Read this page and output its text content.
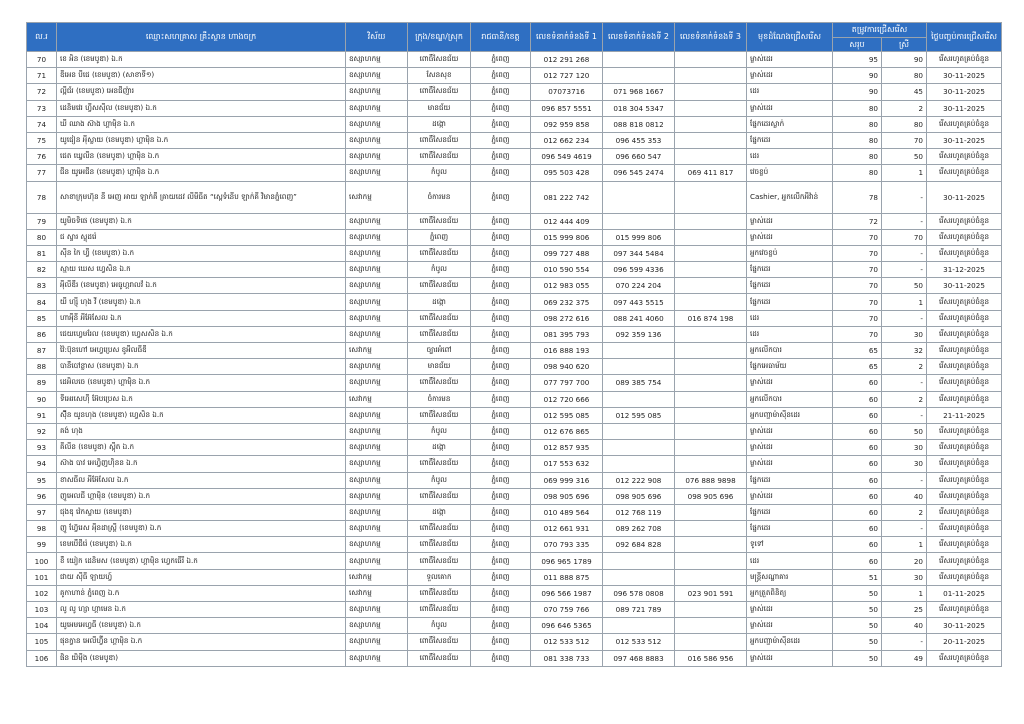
ល.រ	ឈ្មោះសហគ្រាស គ្រឹះស្ថាន ហាងចក្រ	វិស័យ	ក្រុង/ខណ្ឌ/ស្រុក	រាជធានី/ខេត្ត	លេខទំនាក់ទំនងទី 1	លេខទំនាក់ទំនងទី 2	លេខទំនាក់ទំនងទី 3	មុខដំណែងជ្រើសរើស	តម្រូវការជ្រើសរើស		ថ្ងៃបញ្ចប់ការជ្រើសរើស
									សរុប	ស្រី	
70	ខេ អិន (ខេមបូឌា) ឯ.ក	ឧស្សាហកម្ម	ពោធិ៍សែនជ័យ	ភ្នំពេញ	012 291 268			ម្ចាស់ដេរ	95	90	រើសរហូតគ្រប់ចំនួន
71	ឌីអេន បីជេ (ខេមបូឌា) (សាខាទី១)	ឧស្សាហកម្ម	សែនសុខ	ភ្នំពេញ	012 727 120			ម្ចាស់ដេរ	90	80	30-11-2025
72	ល្អីជ័រ (ខេមបូឌា) អេនជីញ៉ារ	ឧស្សាហកម្ម	ពោធិ៍សែនជ័យ	ភ្នំពេញ	07073716	071 968 1667		ដេរ	90	45	30-11-2025
73	ដេនិមវេរ ហ្វីសស៊ីល (ខេមបូឌា) ឯ.ក	ឧស្សាហកម្ម	មានជ័យ	ភ្នំពេញ	096 857 5551	018 304 5347		ម្ចាស់ដេរ	80	2	30-11-2025
74	ឃី ឈាង ស៊ាង ហ្គាម៉ិន ឯ.ក	ឧស្សាហកម្ម	ដង្កោ	ភ្នំពេញ	092 959 858	088 818 0812		ផ្នែកដេរស្លាក់	80	80	រើសរហូតគ្រប់ចំនួន
75	យូជៀន អុីស្លាយ (ខេមបូឌា) ហ្គាម៉ិន ឯ.ក	ឧស្សាហកម្ម	ពោធិ៍សែនជ័យ	ភ្នំពេញ	012 662 234	096 455 353		ផ្នែកដេរ	80	70	30-11-2025
76	ជេត ឃ្វេលីន (ខេមបូឌា) ហ្គាម៉ិន ឯ.ក	ឧស្សាហកម្ម	ពោធិ៍សែនជ័យ	ភ្នំពេញ	096 549 4619	096 660 547		ដេរ	80	50	រើសរហូតគ្រប់ចំនួន
77	ជីន យូអេជីន (ខេមបូឌា) ហ្គាម៉ិន ឯ.ក	ឧស្សាហកម្ម	កំបូល	ភ្នំពេញ	095 503 428	096 545 2474	069 411 817	វេចខ្ចប់	80	1	រើសរហូតគ្រប់ចំនួន
78	សាខាក្រុមហ៊ុន នី អេញ អាយ ឡាក់គី គ្រាយដេវ លីមីធីត “ស្ពេទំនើប ឡាក់គី វិមានភ្នំពេញ”	សេវាកម្ម	ចំការមន	ភ្នំពេញ	081 222 742			Cashier, អ្នកលើកអីវ៉ាន់	78	-	30-11-2025
79	យូមិចទិផេ (ខេមបូឌា) ឯ.ក	ឧស្សាហកម្ម	ពោធិ៍សែនជ័យ	ភ្នំពេញ	012 444 409			ម្ចាស់ដេរ	72	-	រើសរហូតគ្រប់ចំនួន
80	ជ ស្ទារ ស្ទុដរ៉េ	ឧស្សាហកម្ម	ភ្នំពេញ	ភ្នំពេញ	015 999 806	015 999 806		ម្ចាស់ដេរ	70	70	រើសរហូតគ្រប់ចំនួន
81	ស៊ីន កៃ ហ្វី (ខេមបូឌា) ឯ.ក	ឧស្សាហកម្ម	ពោធិ៍សែនជ័យ	ភ្នំពេញ	099 727 488	097 344 5484		អ្នកវេចខ្ចប់	70	-	រើសរហូតគ្រប់ចំនួន
82	ស្មាយ ឃេស ហ្វេសិន ឯ.ក	ឧស្សាហកម្ម	កំបូល	ភ្នំពេញ	010 590 554	096 599 4336		ផ្នែកដេរ	70	-	31-12-2025
83	អុីលីឌឺរ (ខេមបូឌា) អេធូហ្គរាលវ័ ឯ.ក	ឧស្សាហកម្ម	ពោធិ៍សែនជ័យ	ភ្នំពេញ	012 983 055	070 224 204		ផ្នែកដេរ	70	50	30-11-2025
84	យី ហ្សុី ហុង វី (ខេមបូឌា) ឯ.ក	ឧស្សាហកម្ម	ដង្កោ	ភ្នំពេញ	069 232 375	097 443 5515		ផ្នែកដេរ	70	1	រើសរហូតគ្រប់ចំនួន
85	ហាអុីនី អីអ៊ែសែល ឯ.ក	ឧស្សាហកម្ម	ពោធិ៍សែនជ័យ	ភ្នំពេញ	098 272 616	088 241 4060	016 874 198	ដេរ	70	-	រើសរហូតគ្រប់ចំនួន
86	ជេយហ្វេមរែល (ខេមបូឌា) ហ្វេសសិន ឯ.ក	ឧស្សាហកម្ម	ពោធិ៍សែនជ័យ	ភ្នំពេញ	081 395 793	092 359 136		ដេរ	70	30	រើសរហូតគ្រប់ចំនួន
87	វ៉ៃ:ប៊ុនហៅ អេហ្វប្រេស ខូអីលធីឌី	សេវាកម្ម	ច្បារអំពៅ	ភ្នំពេញ	016 888 193			អ្នកលើកបារ	65	32	រើសរហូតគ្រប់ចំនួន
88	បានឺបៅន្លាស (ខេមបូឌា) ឯ.ក	ឧស្សាហកម្ម	មានជ័យ	ភ្នំពេញ	098 940 620			ផ្នែកអេធាម័យ	65	2	រើសរហូតគ្រប់ចំនួន
89	ដេអិលចេ (ខេមបូឌា) ហ្គាម៉ិន ឯ.ក	ឧស្សាហកម្ម	ពោធិ៍សែនជ័យ	ភ្នំពេញ	077 797 700	089 385 754		ម្ចាស់ដេរ	60	-	រើសរហូតគ្រប់ចំនួន
90	ទីអេរសេហ៊ី អ៊ែបប្រេស ឯ.ក	សេវាកម្ម	ចំការមន	ភ្នំពេញ	012 720 666			អ្នកលើកបារ	60	2	រើសរហូតគ្រប់ចំនួន
91	ស៊ុីន យូនហុង (ខេមបូឌា) ហ្វេសិន ឯ.ក	ឧស្សាហកម្ម	ពោធិ៍សែនជ័យ	ភ្នំពេញ	012 595 085	012 595 085		អ្នកបញ្ជាម៉ាស៊ីនដេរ	60	-	21-11-2025
92	គង់ ហុង	ឧស្សាហកម្ម	កំបូល	ភ្នំពេញ	012 676 865			ម្ចាស់ដេរ	60	50	រើសរហូតគ្រប់ចំនួន
93	គីលីន (ខេមបូឌា) ស្ពុីត ឯ.ក	ឧស្សាហកម្ម	ដង្កោ	ភ្នំពេញ	012 857 935			ម្ចាស់ដេរ	60	30	រើសរហូតគ្រប់ចំនួន
94	ស៊ាង បាវ អេហ្វិញហ៊ិនន ឯ.ក	ឧស្សាហកម្ម	ពោធិ៍សែនជ័យ	ភ្នំពេញ	017 553 632			ម្ចាស់ដេរ	60	30	រើសរហូតគ្រប់ចំនួន
95	ខាសធីល អីអ៊ែសែល ឯ.ក	ឧស្សាហកម្ម	កំបូល	ភ្នំពេញ	069 999 316	012 222 908	076 888 9898	ផ្នែកដេរ	60	-	រើសរហូតគ្រប់ចំនួន
96	ញូអេលជី ហ្គាម៉ិន (ខេមបូឌា) ឯ.ក	ឧស្សាហកម្ម	ពោធិ៍សែនជ័យ	ភ្នំពេញ	098 905 696	098 905 696	098 905 696	ម្ចាស់ដេរ	60	40	រើសរហូតគ្រប់ចំនួន
97	ជុងឌុ វ៉េកស្ទាយ (ខេមបូឌា)	ឧស្សាហកម្ម	ដង្កោ	ភ្នំពេញ	010 489 564	012 768 119		ផ្នែកដេរ	60	2	រើសរហូតគ្រប់ចំនួន
98	ញូ ហ្វ៊ែរេស អុីនដាស្ត្រី (ខេមបូឌា) ឯ.ក	ឧស្សាហកម្ម	ពោធិ៍សែនជ័យ	ភ្នំពេញ	012 661 931	089 262 708		ផ្នែកដេរ	60	-	រើសរហូតគ្រប់ចំនួន
99	ខេមបេឺជីរ៉េ (ខេមបូឌា) ឯ.ក	ឧស្សាហកម្ម	ពោធិ៍សែនជ័យ	ភ្នំពេញ	070 793 335	092 684 828		ទូទៅ	60	1	រើសរហូតគ្រប់ចំនួន
100	ខឺ យៀក ដេនិមស (ខេមបូឌា) ហ្គាម៉ិន ហ្វេកធើរី ឯ.ក	ឧស្សាហកម្ម	ពោធិ៍សែនជ័យ	ភ្នំពេញ	096 965 1789			ដេរ	60	20	រើសរហូតគ្រប់ចំនួន
101	ជាយ ស៊ីធី ឡាយហ្វ៍	សេវាកម្ម	ទួលគោក	ភ្នំពេញ	011 888 875			មន្ត្រីសណ្ឋាគារ	51	30	រើសរហូតគ្រប់ចំនួន
102	គូកាហាន់ ភ្នំពេញ ឯ.ក	សេវាកម្ម	ពោធិ៍សែនជ័យ	ភ្នំពេញ	096 566 1987	096 578 0808	023 901 591	អ្នកត្រួតពិនិត្យ	50	1	01-11-2025
103	លូ លូ ហ្សា ហ្គាមេន ឯ.ក	ឧស្សាហកម្ម	ពោធិ៍សែនជ័យ	ភ្នំពេញ	070 759 766	089 721 789		ម្ចាស់ដេរ	50	25	រើសរហូតគ្រប់ចំនួន
104	យូអេមអេហ្វធី (ខេមបូឌា) ឯ.ក	ឧស្សាហកម្ម	កំបូល	ភ្នំពេញ	096 646 5365			ម្ចាស់ដេរ	50	40	30-11-2025
105	ផុនក្វាន អេលីហ្វ៊ីន ហ្គាម៉ិន ឯ.ក	ឧស្សាហកម្ម	ពោធិ៍សែនជ័យ	ភ្នំពេញ	012 533 512	012 533 512		អ្នកបញ្ជាម៉ាស៊ីនដេរ	50	-	20-11-2025
106	ផិន យិមុីង (ខេមបូឌា)	ឧស្សាហកម្ម	ពោធិ៍សែនជ័យ	ភ្នំពេញ	081 338 733	097 468 8883	016 586 956	ម្ចាស់ដេរ	50	49	រើសរហូតគ្រប់ចំនួន
